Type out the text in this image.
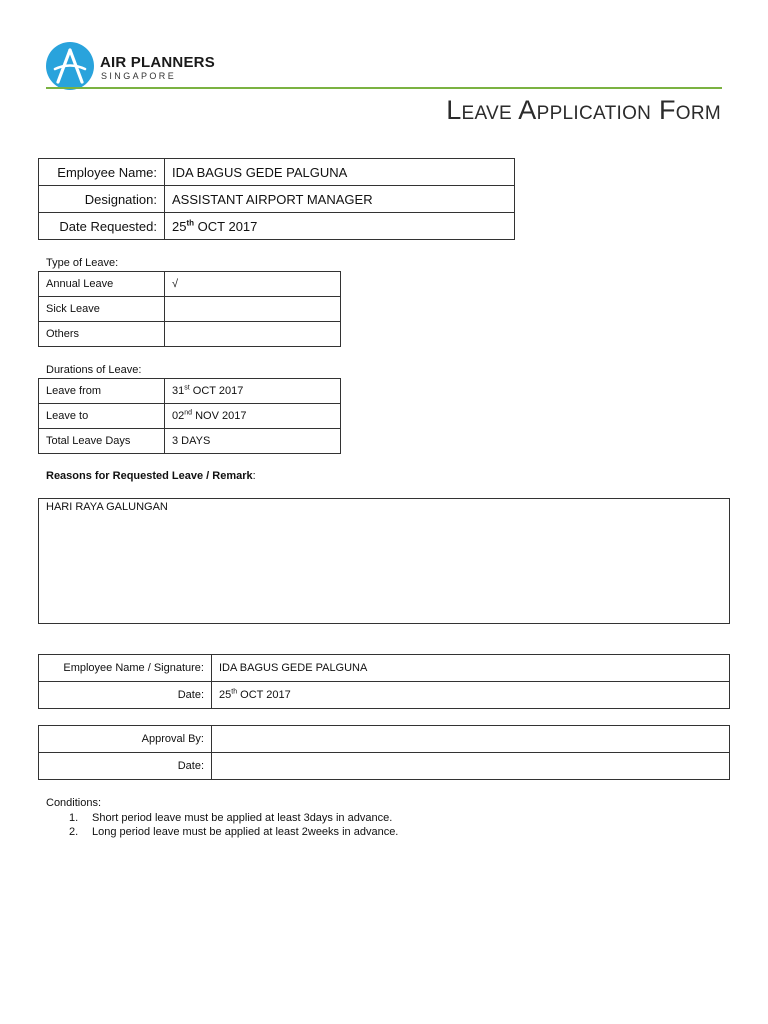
AIR PLANNERS
SINGAPORE
Leave Application Form
Employee Name:	IDA BAGUS GEDE PALGUNA
Designation:	ASSISTANT AIRPORT MANAGER
Date Requested:	25th OCT 2017
Type of Leave:
Annual Leave	√
Sick Leave	
Others	
Durations of Leave:
Leave from	31st OCT 2017
Leave to	02nd NOV 2017
Total Leave Days	3 DAYS
Reasons for Requested Leave / Remark:
HARI RAYA GALUNGAN
Employee Name / Signature:	IDA BAGUS GEDE PALGUNA
Date:	25th OCT 2017
Approval By:	
Date:	
Conditions:
1.	Short period leave must be applied at least 3days in advance.
2.	Long period leave must be applied at least 2weeks in advance.
